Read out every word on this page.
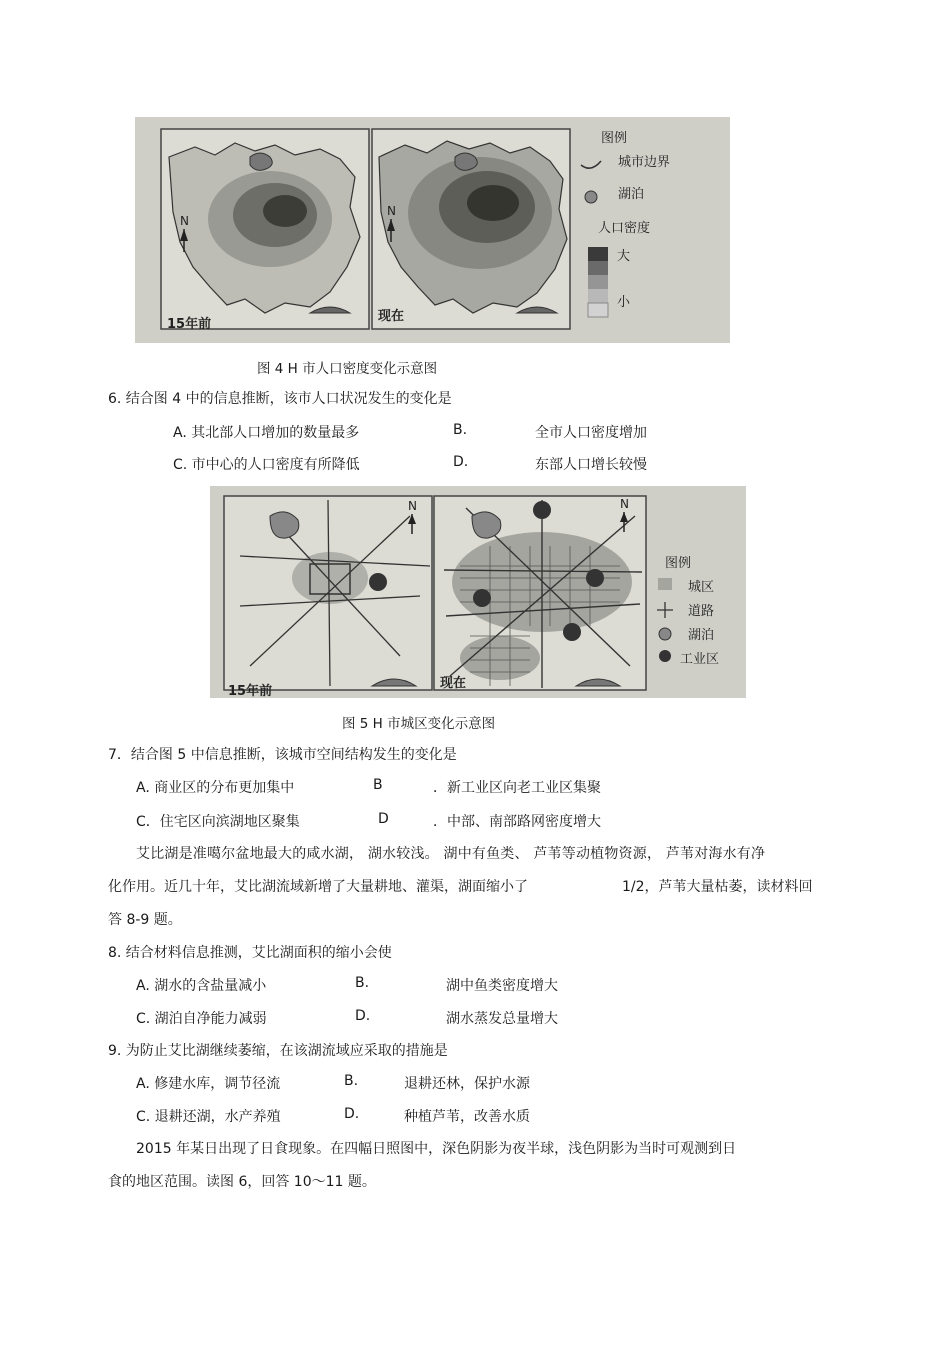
N
N
图例
城市边界
湖泊
人口密度
大
小
15年前
现在
图 4 H 市人口密度变化示意图
6. 结合图 4 中的信息推断，该市人口状况发生的变化是
A. 其北部人口增加的数量最多	B.	全市人口密度增加
C. 市中心的人口密度有所降低	D.	东部人口增长较慢
N	N
图例
城区
道路
湖泊
工业区
15年前
现在
图 5 H 市城区变化示意图
7．结合图 5 中信息推断，该城市空间结构发生的变化是
A. 商业区的分布更加集中	B	．新工业区向老工业区集聚
C．住宅区向滨湖地区聚集	D	．中部、南部路网密度增大
艾比湖是准噶尔盆地最大的咸水湖， 湖水较浅。 湖中有鱼类、 芦苇等动植物资源， 芦苇对海水有净
化作用。近几十年，艾比湖流域新增了大量耕地、灌渠，湖面缩小了	1/2，芦苇大量枯萎，读材料回
答 8-9 题。
8. 结合材料信息推测，艾比湖面积的缩小会使
A. 湖水的含盐量减小	B.	湖中鱼类密度增大
C. 湖泊自净能力减弱	D.	湖水蒸发总量增大
9. 为防止艾比湖继续萎缩，在该湖流域应采取的措施是
A. 修建水库，调节径流	B.	退耕还林，保护水源
C. 退耕还湖，水产养殖	D.	种植芦苇，改善水质
2015 年某日出现了日食现象。在四幅日照图中，深色阴影为夜半球，浅色阴影为当时可观测到日
食的地区范围。读图 6，回答 10～11 题。
